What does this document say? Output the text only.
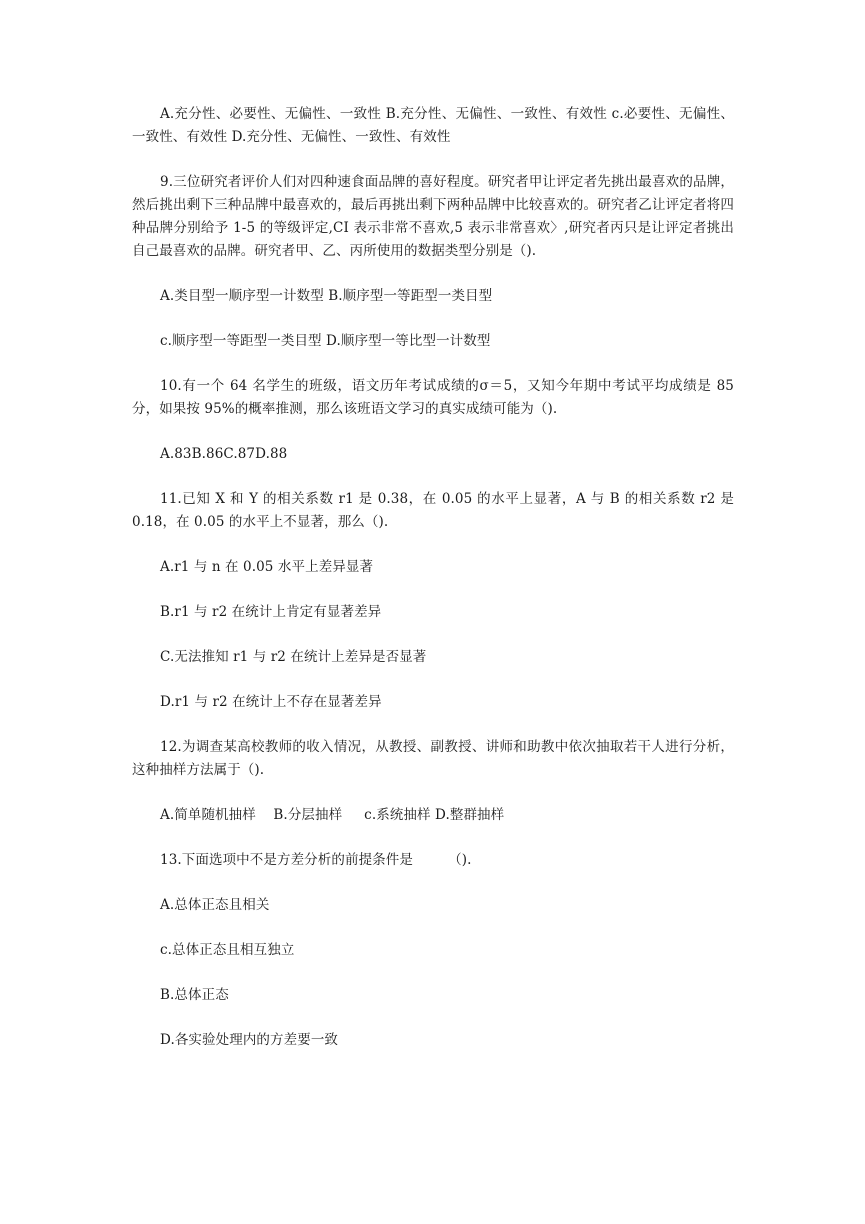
A.充分性、必要性、无偏性、一致性 B.充分性、无偏性、一致性、有效性 c.必要性、无偏性、一致性、有效性 D.充分性、无偏性、一致性、有效性

9.三位研究者评价人们对四种速食面品牌的喜好程度。研究者甲让评定者先挑出最喜欢的品牌，然后挑出剩下三种品牌中最喜欢的，最后再挑出剩下两种品牌中比较喜欢的。研究者乙让评定者将四种品牌分别给予 1-5 的等级评定,CI 表示非常不喜欢,5 表示非常喜欢〉,研究者丙只是让评定者挑出自己最喜欢的品牌。研究者甲、乙、丙所使用的数据类型分别是（).

A.类目型一顺序型一计数型 B.顺序型一等距型一类目型

c.顺序型一等距型一类目型 D.顺序型一等比型一计数型

10.有一个 64 名学生的班级，语文历年考试成绩的σ＝5，又知今年期中考试平均成绩是 85 分，如果按 95%的概率推测，那么该班语文学习的真实成绩可能为（).

A.83B.86C.87D.88

11.已知 X 和 Y 的相关系数 r1 是 0.38，在 0.05 的水平上显著，A 与 B 的相关系数 r2 是 0.18，在 0.05 的水平上不显著，那么（).

A.r1 与 n 在 0.05 水平上差异显著

B.r1 与 r2 在统计上肯定有显著差异

C.无法推知 r1 与 r2 在统计上差异是否显著

D.r1 与 r2 在统计上不存在显著差异

12.为调查某高校教师的收入情况，从教授、副教授、讲师和助教中依次抽取若干人进行分析，这种抽样方法属于（).

A.简单随机抽样    B.分层抽样     c.系统抽样 D.整群抽样

13.下面选项中不是方差分析的前提条件是        （).

A.总体正态且相关

c.总体正态且相互独立

B.总体正态

D.各实验处理内的方差要一致
